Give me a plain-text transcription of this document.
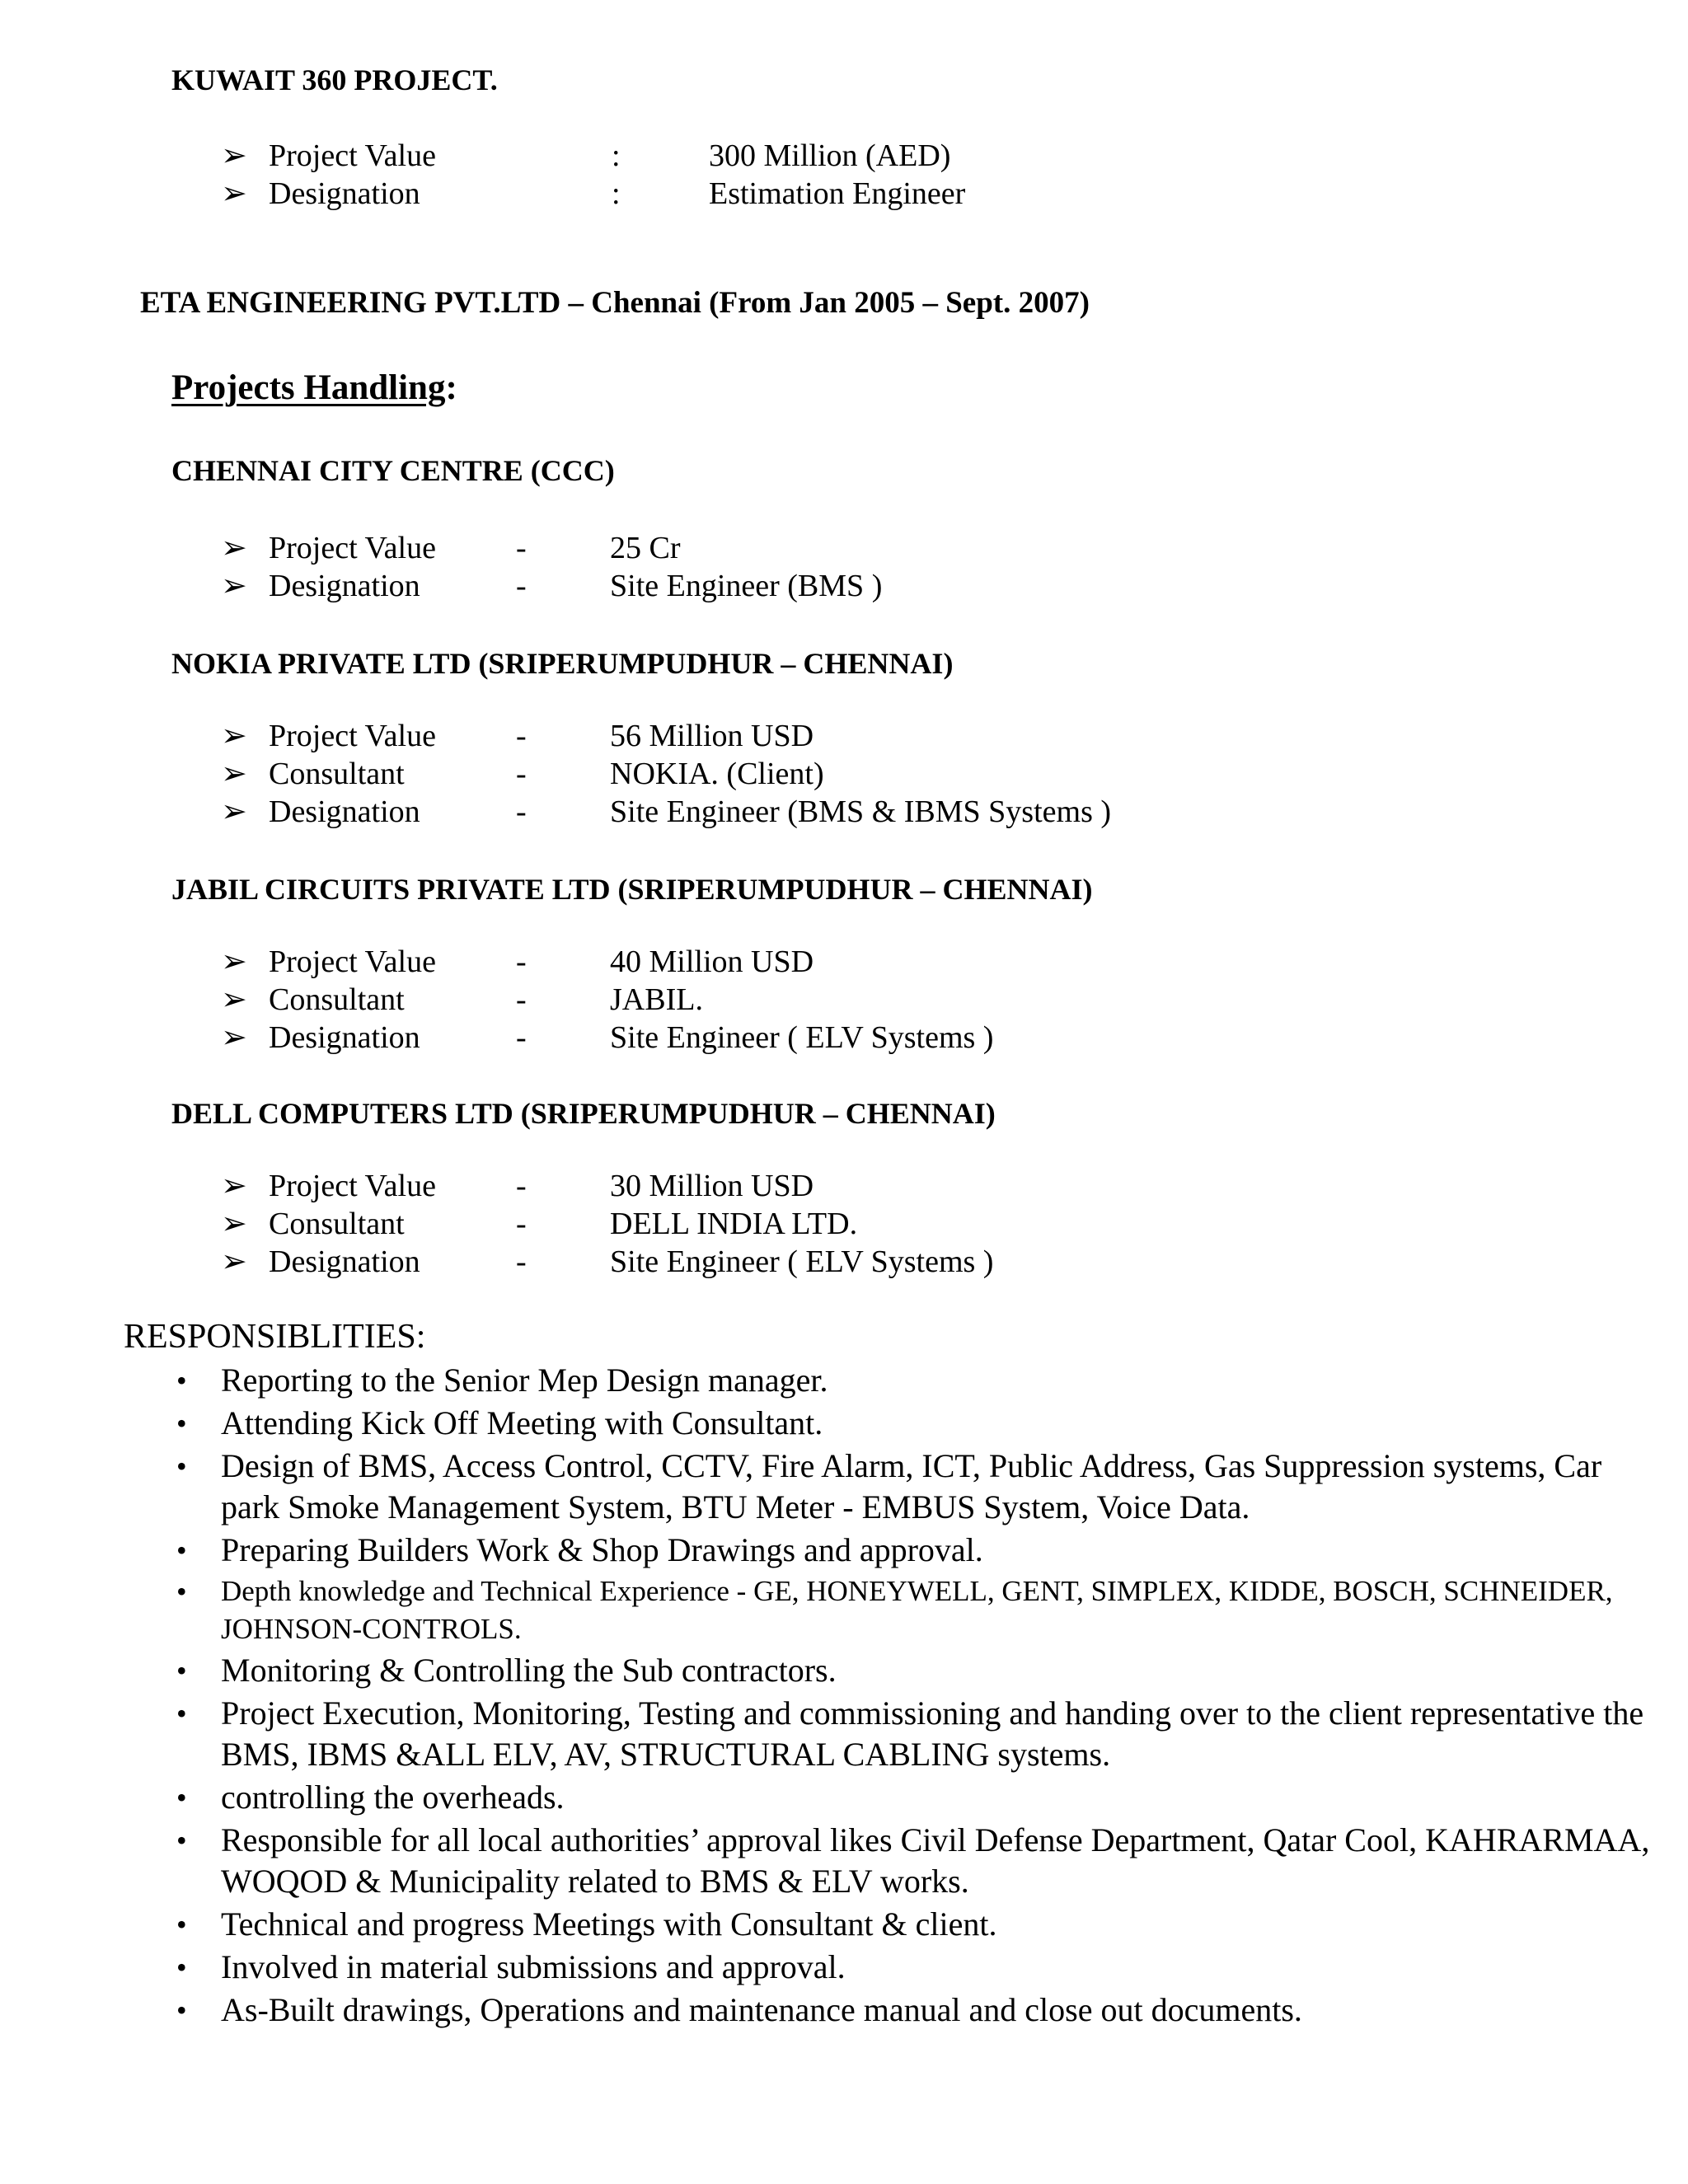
KUWAIT 360 PROJECT.
➢ Project Value	:	300 Million (AED)
➢ Designation	:	Estimation Engineer
ETA ENGINEERING PVT.LTD – Chennai (From Jan 2005 – Sept. 2007)
Projects Handling:
CHENNAI CITY CENTRE (CCC)
➢ Project Value	-	25 Cr
➢ Designation	-	Site Engineer (BMS )
NOKIA PRIVATE LTD (SRIPERUMPUDHUR – CHENNAI)
➢ Project Value	-	56 Million USD
➢ Consultant	-	NOKIA. (Client)
➢ Designation	-	Site Engineer (BMS & IBMS Systems )
JABIL CIRCUITS PRIVATE LTD (SRIPERUMPUDHUR – CHENNAI)
➢ Project Value	-	40 Million USD
➢ Consultant	-	JABIL.
➢ Designation	-	Site Engineer ( ELV Systems )
DELL COMPUTERS LTD (SRIPERUMPUDHUR – CHENNAI)
➢ Project Value	-	30 Million USD
➢ Consultant	-	DELL INDIA LTD.
➢ Designation	-	Site Engineer ( ELV Systems )
RESPONSIBLITIES:
• Reporting to the Senior Mep Design manager.
• Attending Kick Off Meeting with Consultant.
• Design of BMS, Access Control, CCTV, Fire Alarm, ICT, Public Address, Gas Suppression systems, Car park Smoke Management System, BTU Meter - EMBUS System, Voice Data.
• Preparing Builders Work & Shop Drawings and approval.
• Depth knowledge and Technical Experience - GE, HONEYWELL, GENT, SIMPLEX, KIDDE, BOSCH, SCHNEIDER, JOHNSON-CONTROLS.
• Monitoring & Controlling the Sub contractors.
• Project Execution, Monitoring, Testing and commissioning and handing over to the client representative the BMS, IBMS &ALL ELV, AV, STRUCTURAL CABLING systems.
• controlling the overheads.
• Responsible for all local authorities’ approval likes Civil Defense Department, Qatar Cool, KAHRARMAA, WOQOD & Municipality related to BMS & ELV works.
• Technical and progress Meetings with Consultant & client.
• Involved in material submissions and approval.
• As-Built drawings, Operations and maintenance manual and close out documents.
